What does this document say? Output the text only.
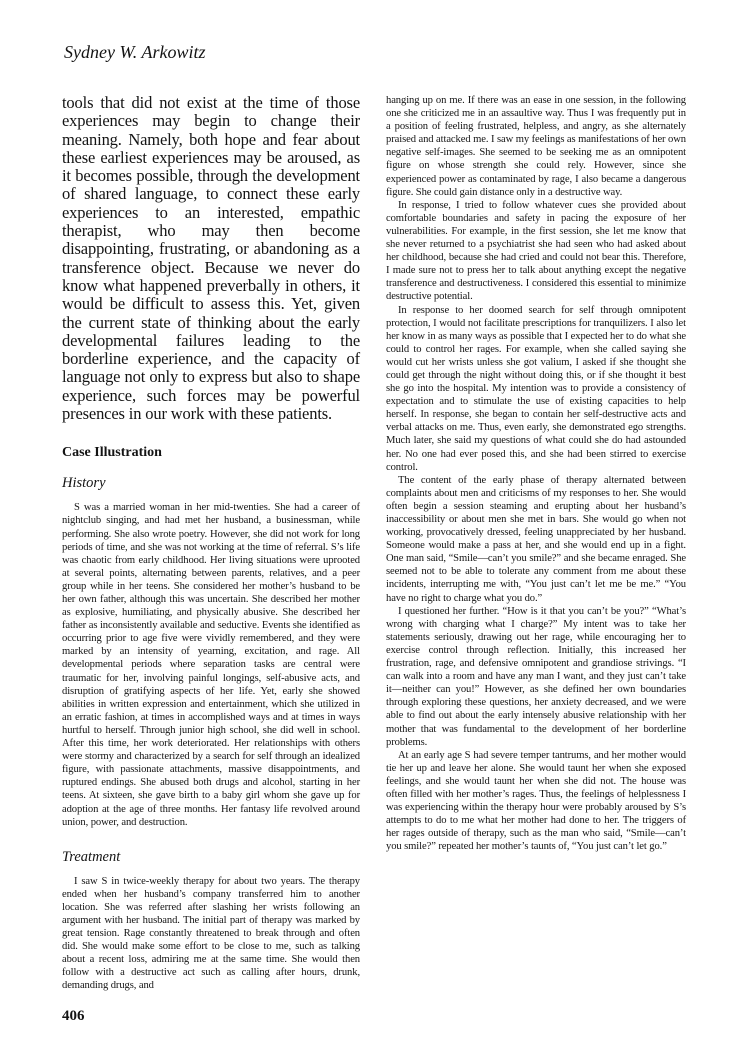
Sydney W. Arkowitz

tools that did not exist at the time of those experiences may begin to change their meaning. Namely, both hope and fear about these earliest experiences may be aroused, as it becomes possible, through the development of shared language, to connect these early experiences to an interested, empathic therapist, who may then become disappointing, frustrating, or abandoning as a transference object. Because we never do know what happened preverbally in others, it would be difficult to assess this. Yet, given the current state of thinking about the early developmental failures leading to the borderline experience, and the capacity of language not only to express but also to shape experience, such forces may be powerful presences in our work with these patients.

Case Illustration
History

S was a married woman in her mid-twenties. She had a career of nightclub singing, and had met her husband, a businessman, while performing. She also wrote poetry. However, she did not work for long periods of time, and she was not working at the time of referral. S’s life was chaotic from early childhood. Her living situations were uprooted at several points, alternating between parents, relatives, and a peer group while in her teens. She considered her mother’s husband to be her own father, although this was uncertain. She described her mother as explosive, humiliating, and physically abusive. She described her father as inconsistently available and seductive. Events she identified as occurring prior to age five were vividly remembered, and they were marked by an intensity of yearning, excitation, and rage. All developmental periods where separation tasks are central were traumatic for her, involving painful longings, self-abusive acts, and disruption of gratifying aspects of her life. Yet, early she showed abilities in written expression and entertainment, which she utilized in an erratic fashion, at times in accomplished ways and at times in ways hurtful to herself. Through junior high school, she did well in school. After this time, her work deteriorated. Her relationships with others were stormy and characterized by a search for self through an idealized figure, with passionate attachments, massive disappointments, and ruptured endings. She abused both drugs and alcohol, starting in her teens. At sixteen, she gave birth to a baby girl whom she gave up for adoption at the age of three months. Her fantasy life revolved around union, power, and destruction.

Treatment

I saw S in twice-weekly therapy for about two years. The therapy ended when her husband’s company transferred him to another location. She was referred after slashing her wrists following an argument with her husband. The initial part of therapy was marked by great tension. Rage constantly threatened to break through and often did. She would make some effort to be close to me, such as talking about a recent loss, admiring me at the same time. She would then follow with a destructive act such as calling after hours, drunk, demanding drugs, and

hanging up on me. If there was an ease in one session, in the following one she criticized me in an assaultive way. Thus I was frequently put in a position of feeling frustrated, helpless, and angry, as she alternately praised and attacked me. I saw my feelings as manifestations of her own negative self-images. She seemed to be seeking me as an omnipotent figure on whose strength she could rely. However, since she experienced power as contaminated by rage, I also became a dangerous figure. She could gain distance only in a destructive way.

In response, I tried to follow whatever cues she provided about comfortable boundaries and safety in pacing the exposure of her vulnerabilities. For example, in the first session, she let me know that she never returned to a psychiatrist she had seen who had asked about her childhood, because she had cried and could not bear this. Therefore, I made sure not to press her to talk about anything except the negative transference and destructiveness. I considered this essential to minimize destructive potential.

In response to her doomed search for self through omnipotent protection, I would not facilitate prescriptions for tranquilizers. I also let her know in as many ways as possible that I expected her to do what she could to control her rages. For example, when she called saying she would cut her wrists unless she got valium, I asked if she thought she could get through the night without doing this, or if she thought it best she go into the hospital. My intention was to provide a consistency of expectation and to stimulate the use of existing capacities to help herself. In response, she began to contain her self-destructive acts and verbal attacks on me. Thus, even early, she demonstrated ego strengths. Much later, she said my questions of what could she do had astounded her. No one had ever posed this, and she had been stirred to exercise control.

The content of the early phase of therapy alternated between complaints about men and criticisms of my responses to her. She would often begin a session steaming and erupting about her husband’s inaccessibility or about men she met in bars. She would go when not working, provocatively dressed, feeling unappreciated by her husband. Someone would make a pass at her, and she would end up in a fight. One man said, “Smile—can’t you smile?” and she became enraged. She seemed not to be able to tolerate any comment from me about these incidents, interrupting me with, “You just can’t let me be me.” “You have no right to charge what you do.”

I questioned her further. “How is it that you can’t be you?” “What’s wrong with charging what I charge?” My intent was to take her statements seriously, drawing out her rage, while encouraging her to exercise control through reflection. Initially, this increased her frustration, rage, and defensive omnipotent and grandiose strivings. “I can walk into a room and have any man I want, and they just can’t take it—neither can you!” However, as she defined her own boundaries through exploring these questions, her anxiety decreased, and we were able to find out about the early intensely abusive relationship with her mother that was fundamental to the development of her borderline problems.

At an early age S had severe temper tantrums, and her mother would tie her up and leave her alone. She would taunt her when she exposed feelings, and she would taunt her when she did not. The house was often filled with her mother’s rages. Thus, the feelings of helplessness I was experiencing within the therapy hour were probably aroused by S’s attempts to do to me what her mother had done to her. The triggers of her rages outside of therapy, such as the man who said, “Smile—can’t you smile?” repeated her mother’s taunts of, “You just can’t let go.”

406
